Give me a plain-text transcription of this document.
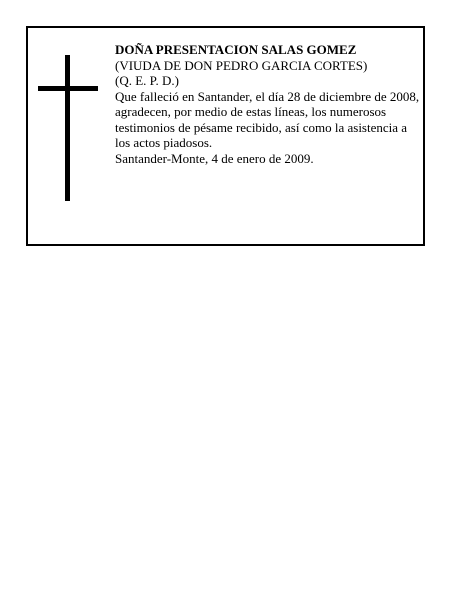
DOÑA PRESENTACION SALAS GOMEZ

(VIUDA DE DON PEDRO GARCIA CORTES)

(Q. E. P. D.)

Que falleció en Santander, el día 28 de diciembre de 2008,

agradecen, por medio de estas líneas, los numerosos testimonios de pésame recibido, así como la asistencia a los actos piadosos.

Santander-Monte, 4 de enero de 2009.
